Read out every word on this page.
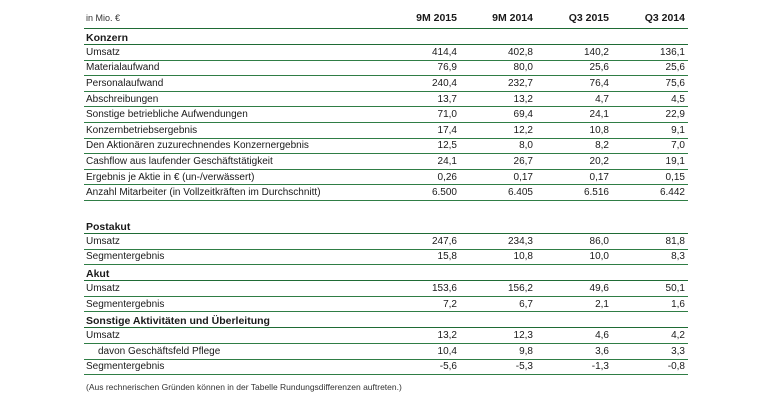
in Mio. €	9M 2015	9M 2014	Q3 2015	Q3 2014
Konzern
Umsatz	414,4	402,8	140,2	136,1
Materialaufwand	76,9	80,0	25,6	25,6
Personalaufwand	240,4	232,7	76,4	75,6
Abschreibungen	13,7	13,2	4,7	4,5
Sonstige betriebliche Aufwendungen	71,0	69,4	24,1	22,9
Konzernbetriebsergebnis	17,4	12,2	10,8	9,1
Den Aktionären zuzurechnendes Konzernergebnis	12,5	8,0	8,2	7,0
Cashflow aus laufender Geschäftstätigkeit	24,1	26,7	20,2	19,1
Ergebnis je Aktie in € (un-/verwässert)	0,26	0,17	0,17	0,15
Anzahl Mitarbeiter (in Vollzeitkräften im Durchschnitt)	6.500	6.405	6.516	6.442
Postakut
Umsatz	247,6	234,3	86,0	81,8
Segmentergebnis	15,8	10,8	10,0	8,3
Akut
Umsatz	153,6	156,2	49,6	50,1
Segmentergebnis	7,2	6,7	2,1	1,6
Sonstige Aktivitäten und Überleitung
Umsatz	13,2	12,3	4,6	4,2
davon Geschäftsfeld Pflege	10,4	9,8	3,6	3,3
Segmentergebnis	-5,6	-5,3	-1,3	-0,8
(Aus rechnerischen Gründen können in der Tabelle Rundungsdifferenzen auftreten.)
